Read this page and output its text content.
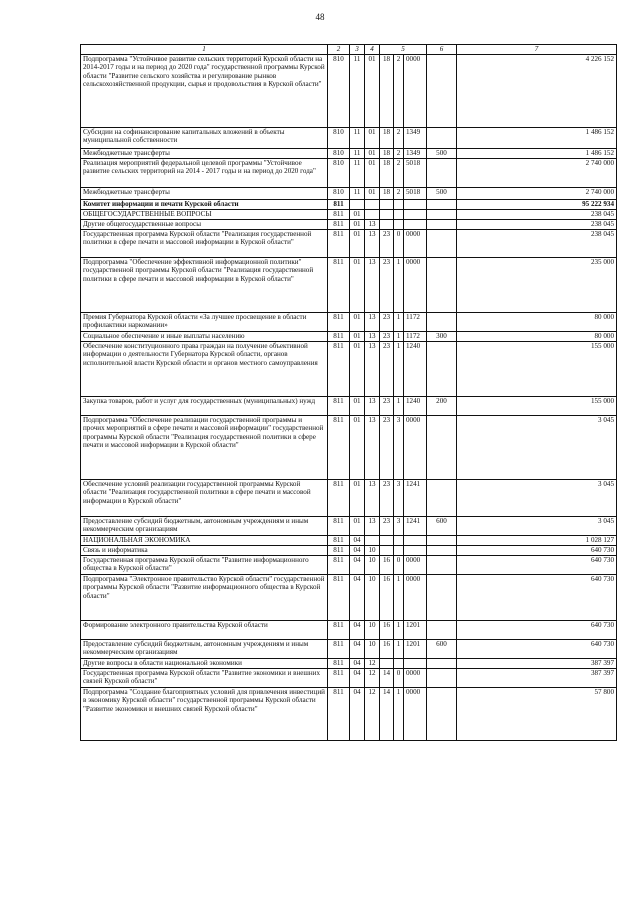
48
1	2	3	4	5			6	7
Подпрограмма "Устойчивое развитие сельских территорий Курской области на 2014-2017 годы и на период до 2020 года" государственной программы Курской области "Развитие сельского хозяйства и регулирование рынков сельскохозяйственной продукции, сырья и продовольствия в Курской области"	810	11	01	18	2	0000		4 226 152
Субсидии на софинансирование капитальных вложений в объекты муниципальной собственности	810	11	01	18	2	1349		1 486 152
Межбюджетные трансферты	810	11	01	18	2	1349	500	1 486 152
Реализация мероприятий федеральной целевой программы "Устойчивое развитие сельских территорий на 2014 - 2017 годы и на период до 2020 года"	810	11	01	18	2	5018		2 740 000
Межбюджетные трансферты	810	11	01	18	2	5018	500	2 740 000
Комитет информации и печати Курской области	811							95 222 934
ОБЩЕГОСУДАРСТВЕННЫЕ ВОПРОСЫ	811	01						238 045
Другие общегосударственные вопросы	811	01	13					238 045
Государственная программа Курской области "Реализация государственной политики в сфере печати и массовой информации в Курской области"	811	01	13	23	0	0000		238 045
Подпрограмма "Обеспечение эффективной информационной политики" государственной программы Курской области "Реализация государственной политики в сфере печати и массовой информации в Курской области"	811	01	13	23	1	0000		235 000
Премия Губернатора Курской области «За лучшее просвещение в области профилактики наркомании»	811	01	13	23	1	1172		80 000
Социальное обеспечение и иные выплаты населению	811	01	13	23	1	1172	300	80 000
Обеспечение конституционного права граждан на получение объективной информации о деятельности Губернатора Курской области, органов исполнительной власти Курской области и органов местного самоуправления	811	01	13	23	1	1240		155 000
Закупка товаров, работ и услуг для государственных (муниципальных) нужд	811	01	13	23	1	1240	200	155 000
Подпрограмма "Обеспечение реализации государственной программы и прочих мероприятий в сфере печати и массовой информации" государственной программы Курской области "Реализация государственной политики в сфере печати и массовой информации в Курской области"	811	01	13	23	3	0000		3 045
Обеспечение условий реализации государственной программы Курской области "Реализация государственной политики в сфере печати и массовой информации в Курской области"	811	01	13	23	3	1241		3 045
Предоставление субсидий бюджетным, автономным учреждениям и иным некоммерческим организациям	811	01	13	23	3	1241	600	3 045
НАЦИОНАЛЬНАЯ ЭКОНОМИКА	811	04						1 028 127
Связь и информатика	811	04	10					640 730
Государственная программа Курской области "Развитие информационного общества в Курской области"	811	04	10	16	0	0000		640 730
Подпрограмма "Электронное правительство Курской области" государственной программы Курской области "Развитие информационного общества в Курской области"	811	04	10	16	1	0000		640 730
Формирование электронного правительства Курской области	811	04	10	16	1	1201		640 730
Предоставление субсидий бюджетным, автономным учреждениям и иным некоммерческим организациям	811	04	10	16	1	1201	600	640 730
Другие вопросы в области национальной экономики	811	04	12					387 397
Государственная программа Курской области "Развитие экономики и внешних связей Курской области"	811	04	12	14	0	0000		387 397
Подпрограмма "Создание благоприятных условий для привлечения инвестиций в экономику Курской области" государственной программы Курской области "Развитие экономики и внешних связей Курской области"	811	04	12	14	1	0000		57 800
